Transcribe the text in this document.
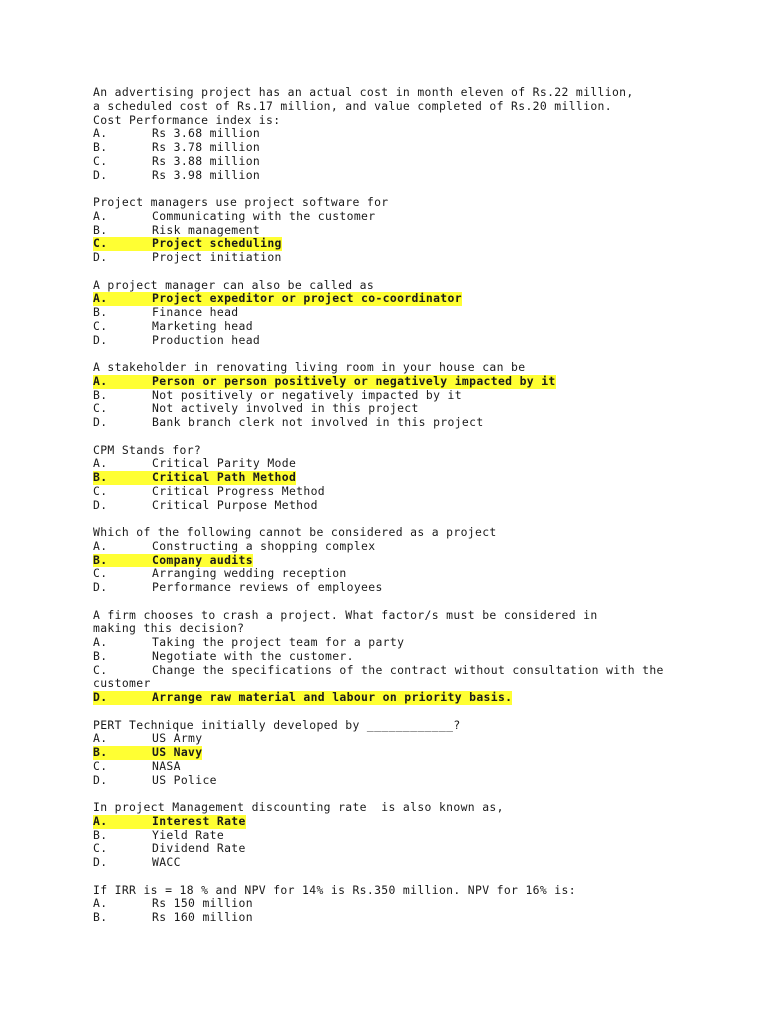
An advertising project has an actual cost in month eleven of Rs.22 million,
a scheduled cost of Rs.17 million, and value completed of Rs.20 million.
Cost Performance index is:
A.	Rs 3.68 million
B.	Rs 3.78 million
C.	Rs 3.88 million
D.	Rs 3.98 million
Project managers use project software for
A.	Communicating with the customer
B.	Risk management
C.	Project scheduling
D.	Project initiation
A project manager can also be called as
A.	Project expeditor or project co-coordinator
B.	Finance head
C.	Marketing head
D.	Production head
A stakeholder in renovating living room in your house can be
A.	Person or person positively or negatively impacted by it
B.	Not positively or negatively impacted by it
C.	Not actively involved in this project
D.	Bank branch clerk not involved in this project
CPM Stands for?
A.	Critical Parity Mode
B.	Critical Path Method
C.	Critical Progress Method
D.	Critical Purpose Method
Which of the following cannot be considered as a project
A.	Constructing a shopping complex
B.	Company audits
C.	Arranging wedding reception
D.	Performance reviews of employees
A firm chooses to crash a project. What factor/s must be considered in
making this decision?
A.	Taking the project team for a party
B.	Negotiate with the customer.
C.	Change the specifications of the contract without consultation with the customer
D.	Arrange raw material and labour on priority basis.
PERT Technique initially developed by ____________?
A.	US Army
B.	US Navy
C.	NASA
D.	US Police
In project Management discounting rate  is also known as,
A.	Interest Rate
B.	Yield Rate
C.	Dividend Rate
D.	WACC
If IRR is = 18 % and NPV for 14% is Rs.350 million. NPV for 16% is:
A.	Rs 150 million
B.	Rs 160 million
